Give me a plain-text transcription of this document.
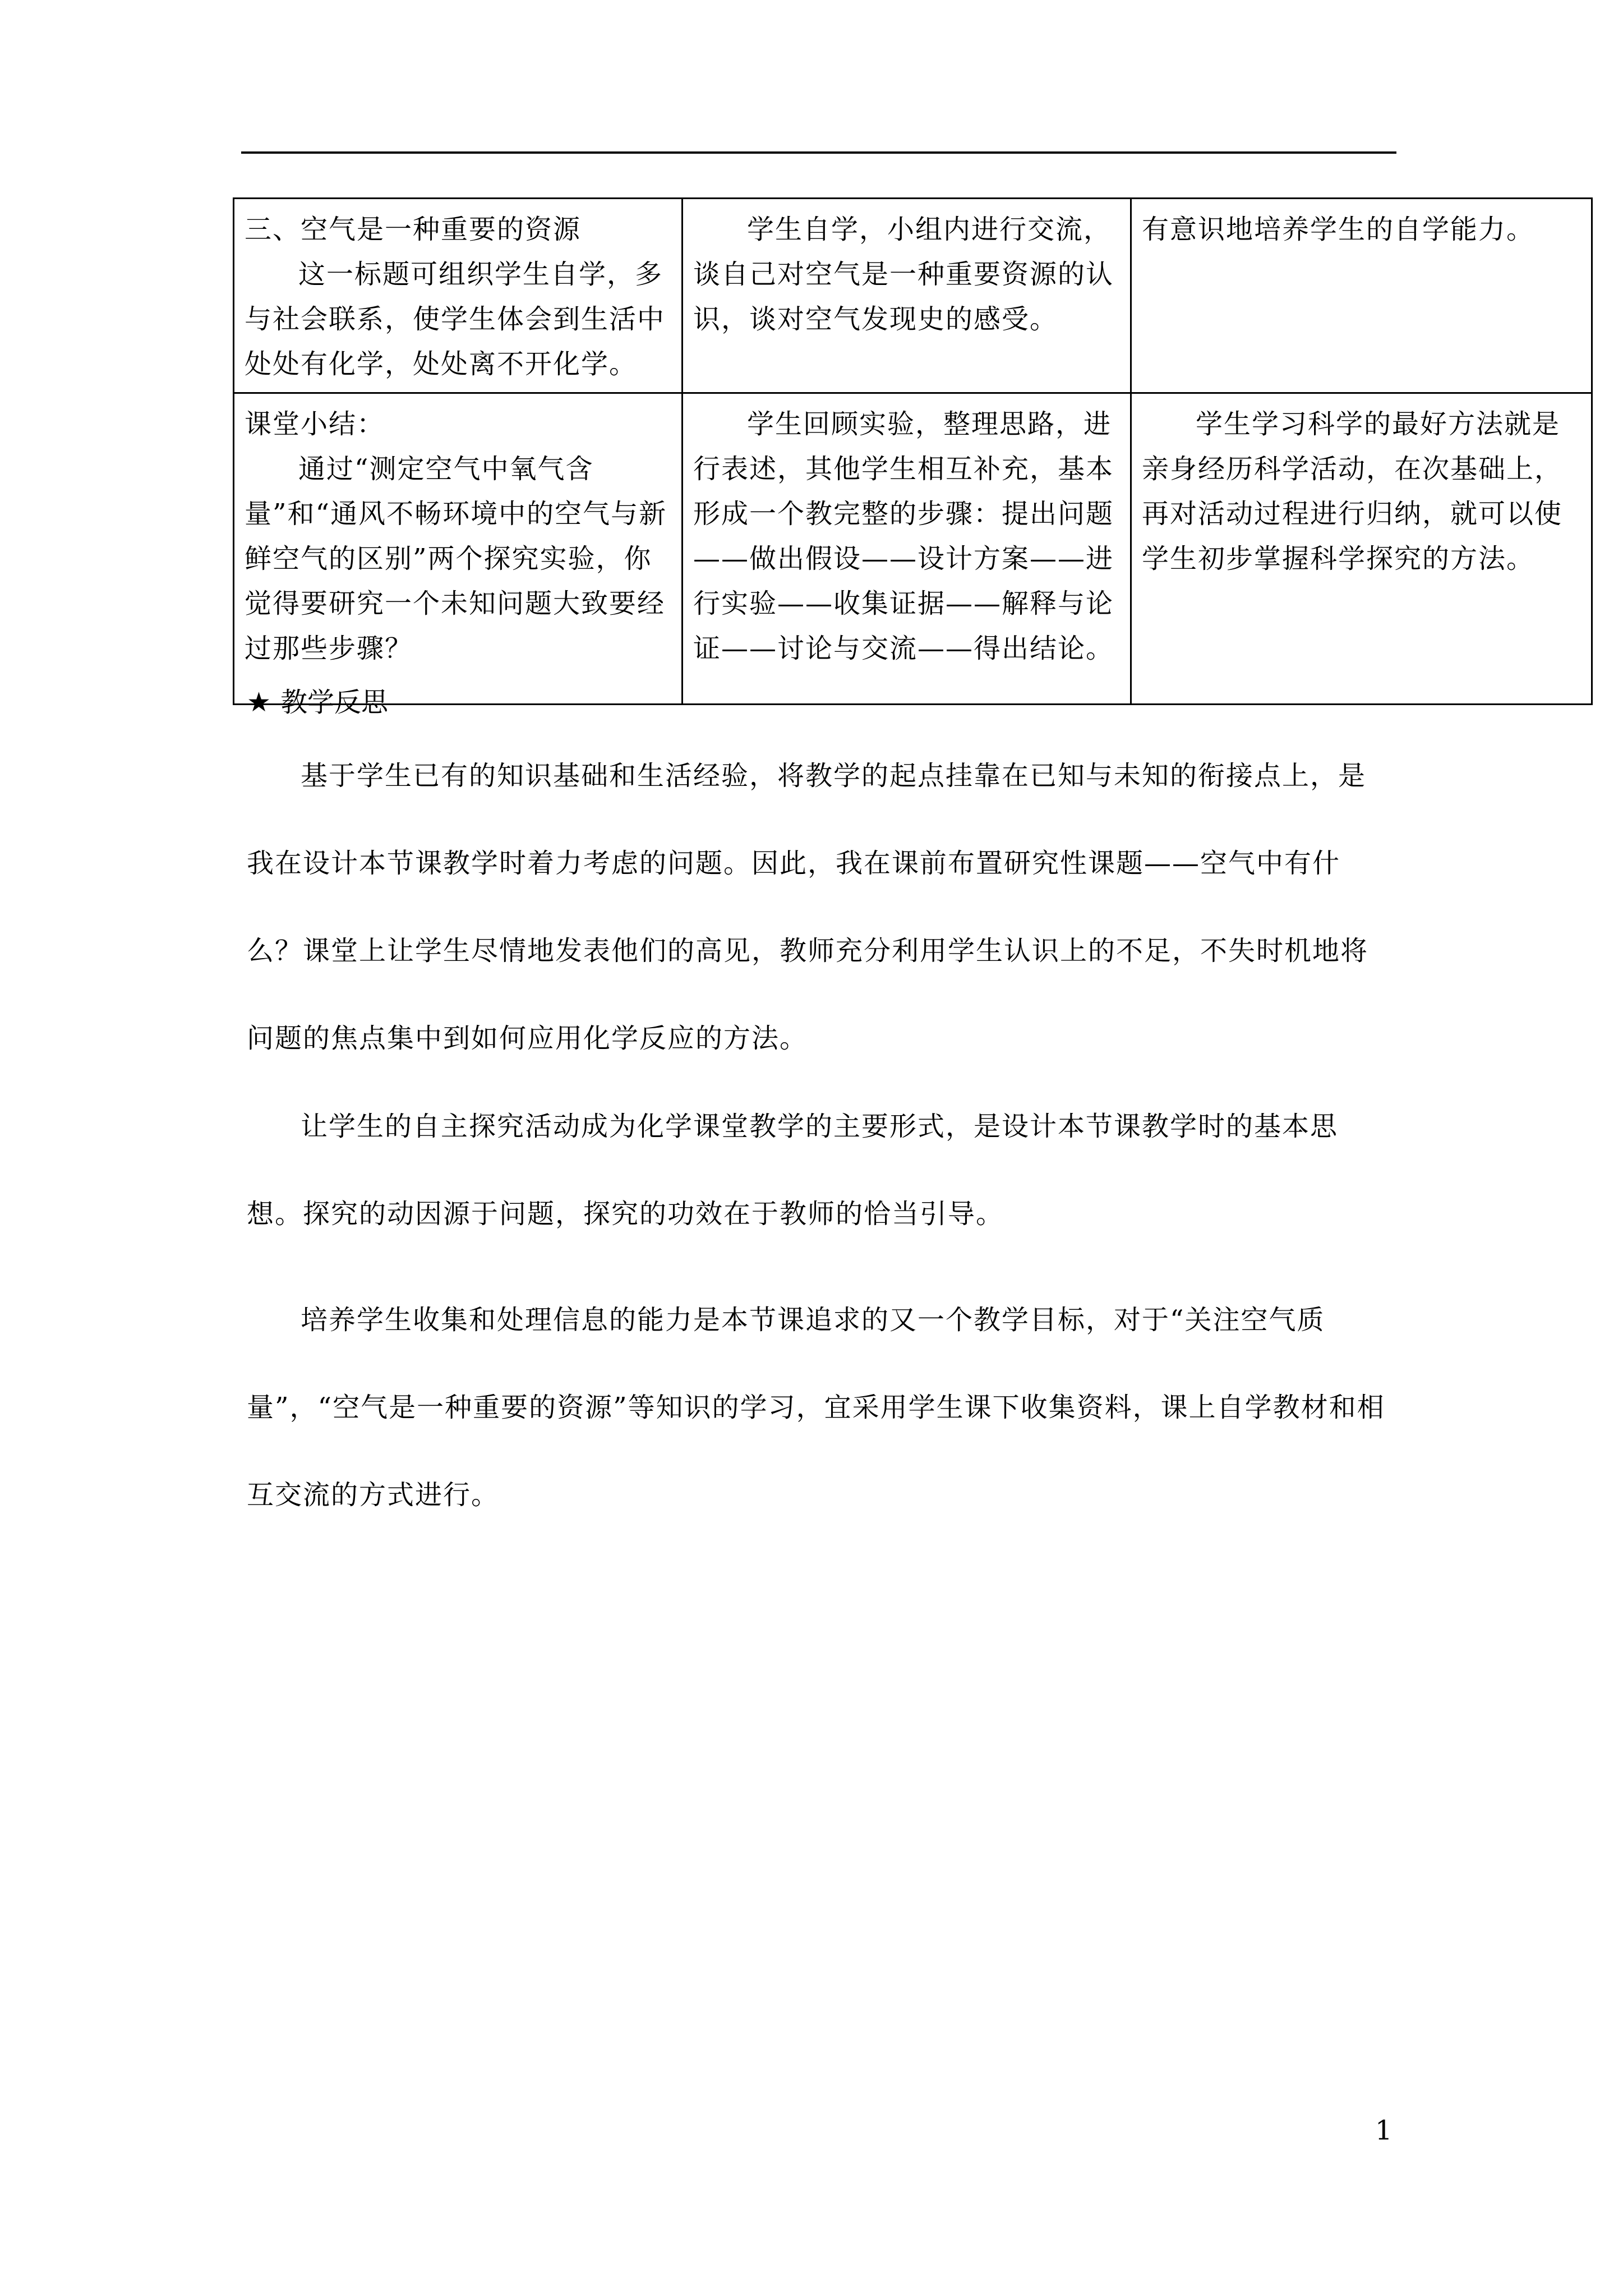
三、空气是一种重要的资源

这一标题可组织学生自学，多与社会联系，使学生体会到生活中处处有化学，处处离不开化学。	学生自学，小组内进行交流，谈自己对空气是一种重要资源的认识，谈对空气发现史的感受。	有意识地培养学生的自学能力。

课堂小结：

通过“测定空气中氧气含量”和“通风不畅环境中的空气与新鲜空气的区别”两个探究实验，你觉得要研究一个未知问题大致要经过那些步骤？	学生回顾实验，整理思路，进行表述，其他学生相互补充，基本形成一个教完整的步骤：提出问题——做出假设——设计方案——进行实验——收集证据——解释与论证——讨论与交流——得出结论。	学生学习科学的最好方法就是亲身经历科学活动，在次基础上，再对活动过程进行归纳，就可以使学生初步掌握科学探究的方法。

★ 教学反思

基于学生已有的知识基础和生活经验，将教学的起点挂靠在已知与未知的衔接点上，是我在设计本节课教学时着力考虑的问题。因此，我在课前布置研究性课题——空气中有什么？课堂上让学生尽情地发表他们的高见，教师充分利用学生认识上的不足，不失时机地将问题的焦点集中到如何应用化学反应的方法。

让学生的自主探究活动成为化学课堂教学的主要形式，是设计本节课教学时的基本思想。探究的动因源于问题，探究的功效在于教师的恰当引导。

培养学生收集和处理信息的能力是本节课追求的又一个教学目标，对于“关注空气质量”，“空气是一种重要的资源”等知识的学习，宜采用学生课下收集资料，课上自学教材和相互交流的方式进行。

1
